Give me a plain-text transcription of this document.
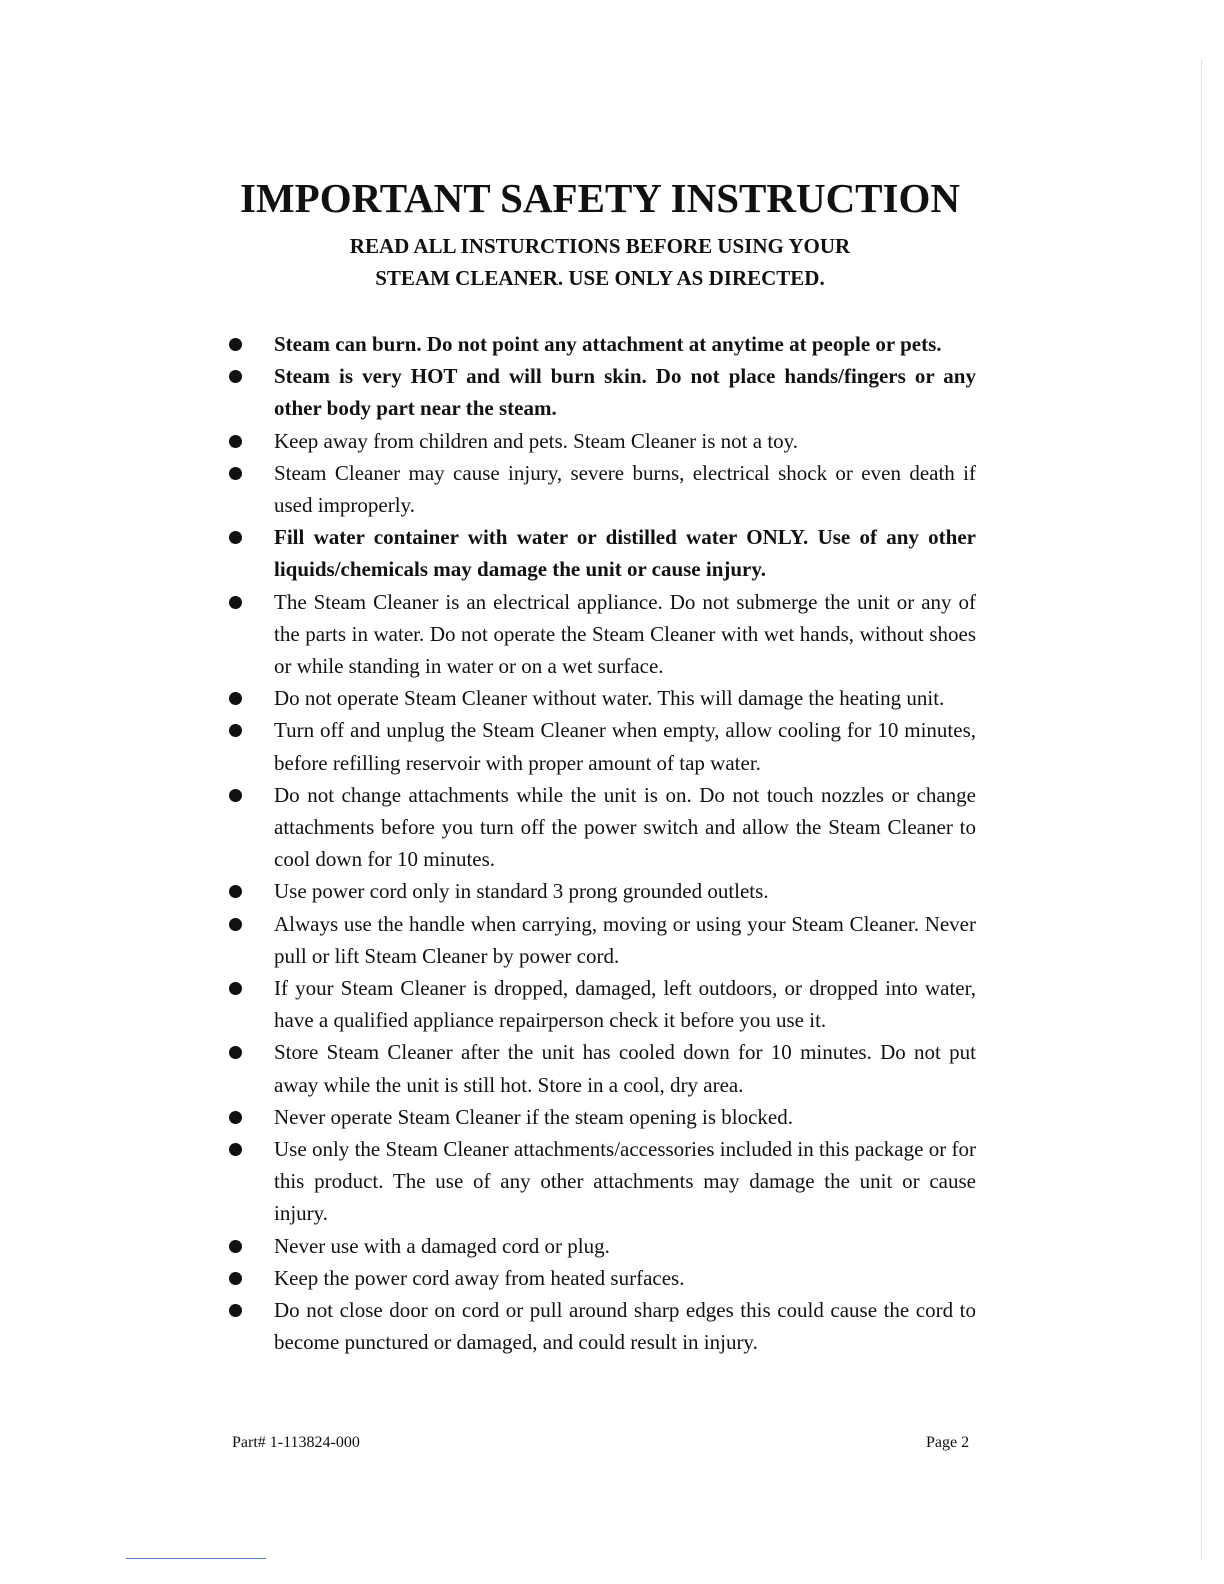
IMPORTANT SAFETY INSTRUCTION

READ ALL INSTURCTIONS BEFORE USING YOUR

STEAM CLEANER. USE ONLY AS DIRECTED.

Steam can burn. Do not point any attachment at anytime at people or pets.
Steam is very HOT and will burn skin. Do not place hands/fingers or any other body part near the steam.
Keep away from children and pets. Steam Cleaner is not a toy.
Steam Cleaner may cause injury, severe burns, electrical shock or even death if used improperly.
Fill water container with water or distilled water ONLY. Use of any other liquids/chemicals may damage the unit or cause injury.
The Steam Cleaner is an electrical appliance. Do not submerge the unit or any of the parts in water. Do not operate the Steam Cleaner with wet hands, without shoes or while standing in water or on a wet surface.
Do not operate Steam Cleaner without water. This will damage the heating unit.
Turn off and unplug the Steam Cleaner when empty, allow cooling for 10 minutes, before refilling reservoir with proper amount of tap water.
Do not change attachments while the unit is on. Do not touch nozzles or change attachments before you turn off the power switch and allow the Steam Cleaner to cool down for 10 minutes.
Use power cord only in standard 3 prong grounded outlets.
Always use the handle when carrying, moving or using your Steam Cleaner. Never pull or lift Steam Cleaner by power cord.
If your Steam Cleaner is dropped, damaged, left outdoors, or dropped into water, have a qualified appliance repairperson check it before you use it.
Store Steam Cleaner after the unit has cooled down for 10 minutes. Do not put away while the unit is still hot. Store in a cool, dry area.
Never operate Steam Cleaner if the steam opening is blocked.
Use only the Steam Cleaner attachments/accessories included in this package or for this product. The use of any other attachments may damage the unit or cause injury.
Never use with a damaged cord or plug.
Keep the power cord away from heated surfaces.
Do not close door on cord or pull around sharp edges this could cause the cord to become punctured or damaged, and could result in injury.
Part# 1-113824-000	Page 2
